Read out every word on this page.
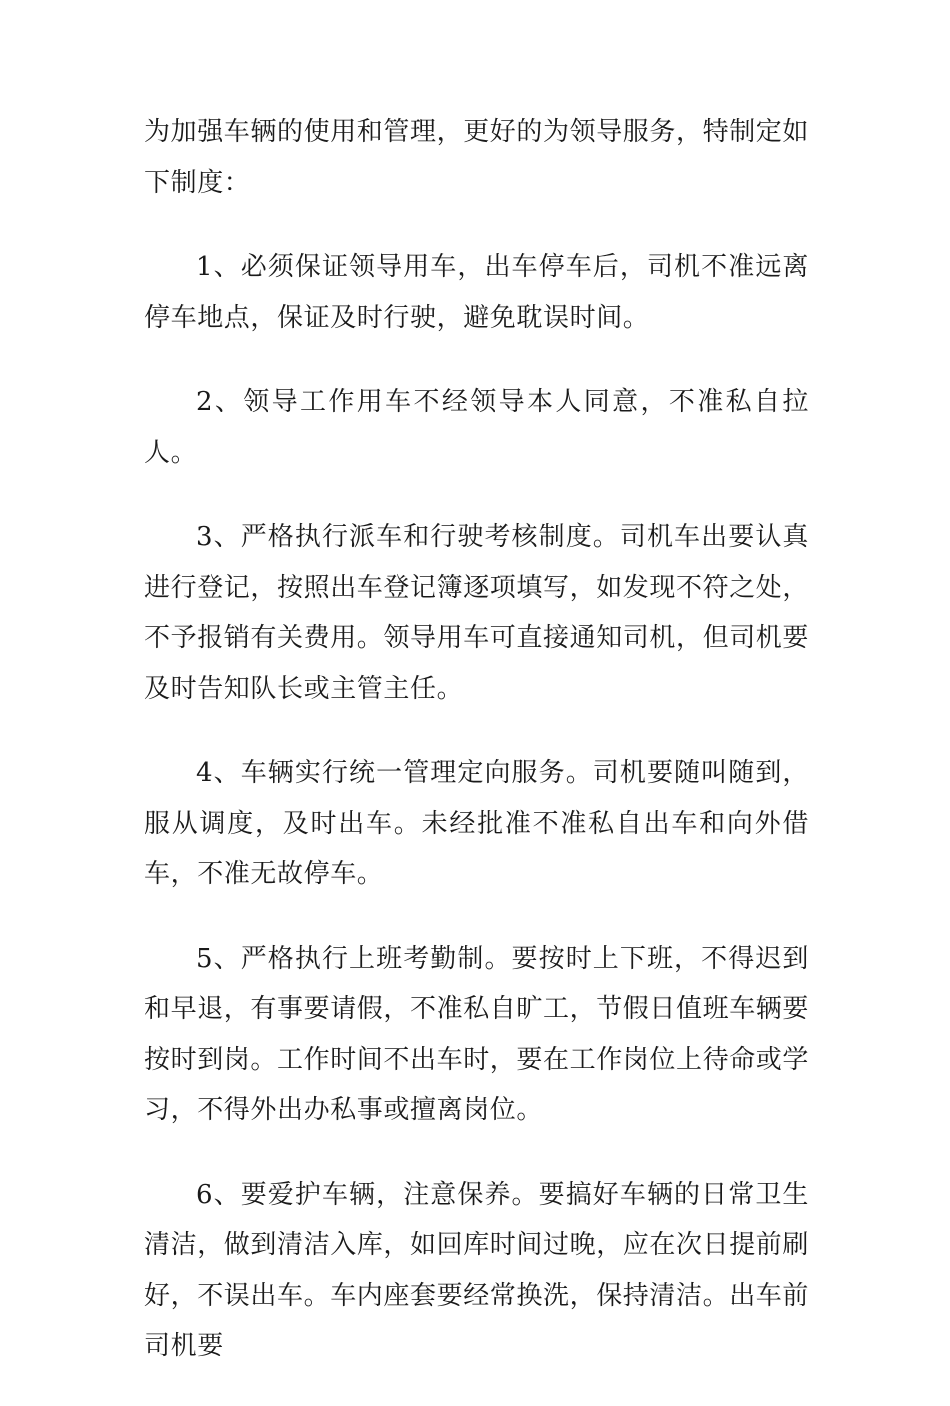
为加强车辆的使用和管理，更好的为领导服务，特制定如下制度：

1、必须保证领导用车，出车停车后，司机不准远离停车地点，保证及时行驶，避免耽误时间。

2、领导工作用车不经领导本人同意，不准私自拉人。

3、严格执行派车和行驶考核制度。司机车出要认真进行登记，按照出车登记簿逐项填写，如发现不符之处，不予报销有关费用。领导用车可直接通知司机，但司机要及时告知队长或主管主任。

4、车辆实行统一管理定向服务。司机要随叫随到，服从调度，及时出车。未经批准不准私自出车和向外借车，不准无故停车。

5、严格执行上班考勤制。要按时上下班，不得迟到和早退，有事要请假，不准私自旷工，节假日值班车辆要按时到岗。工作时间不出车时，要在工作岗位上待命或学习，不得外出办私事或擅离岗位。

6、要爱护车辆，注意保养。要搞好车辆的日常卫生清洁，做到清洁入库，如回库时间过晚，应在次日提前刷好，不误出车。车内座套要经常换洗，保持清洁。出车前司机要
